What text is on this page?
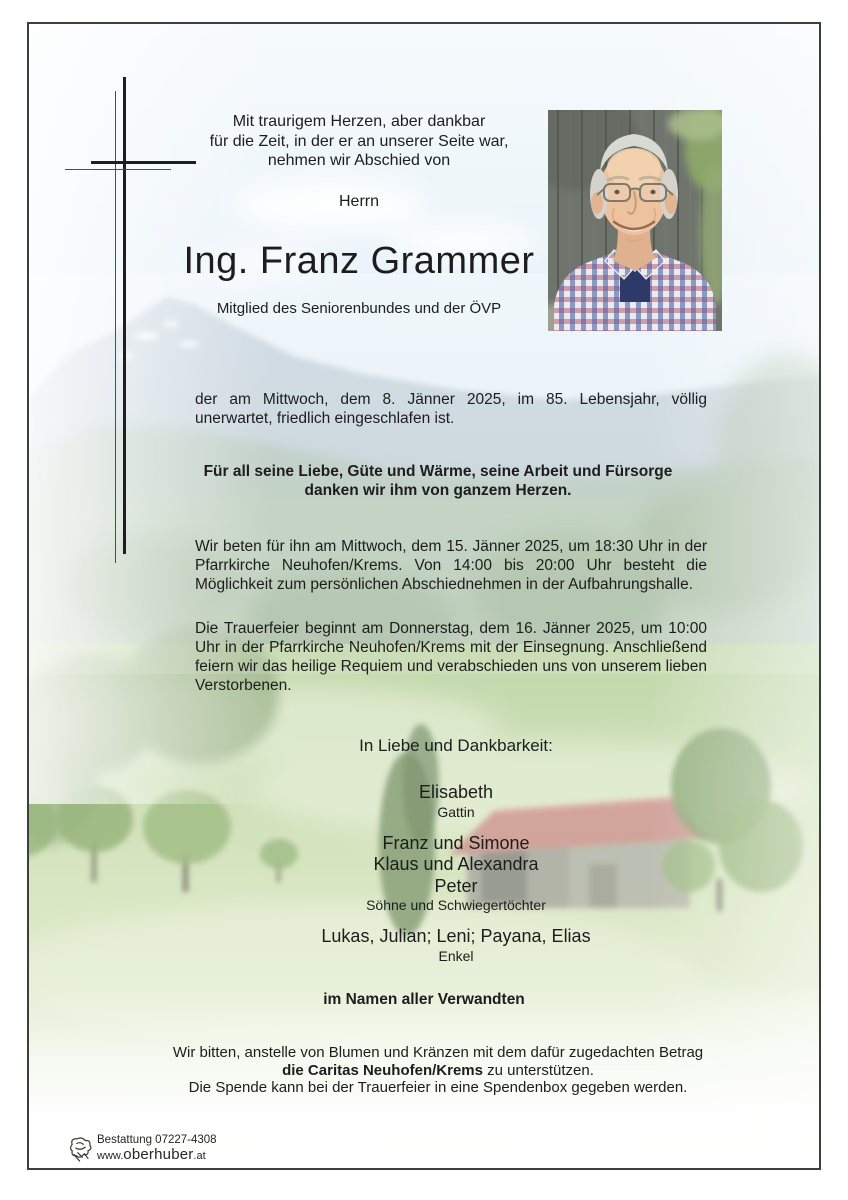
Mit traurigem Herzen, aber dankbar
für die Zeit, in der er an unserer Seite war,
nehmen wir Abschied von
Herrn
Ing. Franz Grammer
Mitglied des Seniorenbundes und der ÖVP

der am Mittwoch, dem 8. Jänner 2025, im 85. Lebensjahr, völlig unerwartet, friedlich eingeschlafen ist.

Für all seine Liebe, Güte und Wärme, seine Arbeit und Fürsorge
danken wir ihm von ganzem Herzen.

Wir beten für ihn am Mittwoch, dem 15. Jänner 2025, um 18:30 Uhr in der Pfarrkirche Neuhofen/Krems. Von 14:00 bis 20:00 Uhr besteht die Möglichkeit zum persönlichen Abschiednehmen in der Aufbahrungshalle.

Die Trauerfeier beginnt am Donnerstag, dem 16. Jänner 2025, um 10:00 Uhr in der Pfarrkirche Neuhofen/Krems mit der Einsegnung. Anschließend feiern wir das heilige Requiem und verabschieden uns von unserem lieben Verstorbenen.

In Liebe und Dankbarkeit:

Elisabeth
Gattin
Franz und Simone
Klaus und Alexandra
Peter
Söhne und Schwiegertöchter
Lukas, Julian; Leni; Payana, Elias
Enkel
im Namen aller Verwandten
Wir bitten, anstelle von Blumen und Kränzen mit dem dafür zugedachten Betrag
die Caritas Neuhofen/Krems zu unterstützen.
Die Spende kann bei der Trauerfeier in eine Spendenbox gegeben werden.
Bestattung 07227-4308
www.oberhuber.at
